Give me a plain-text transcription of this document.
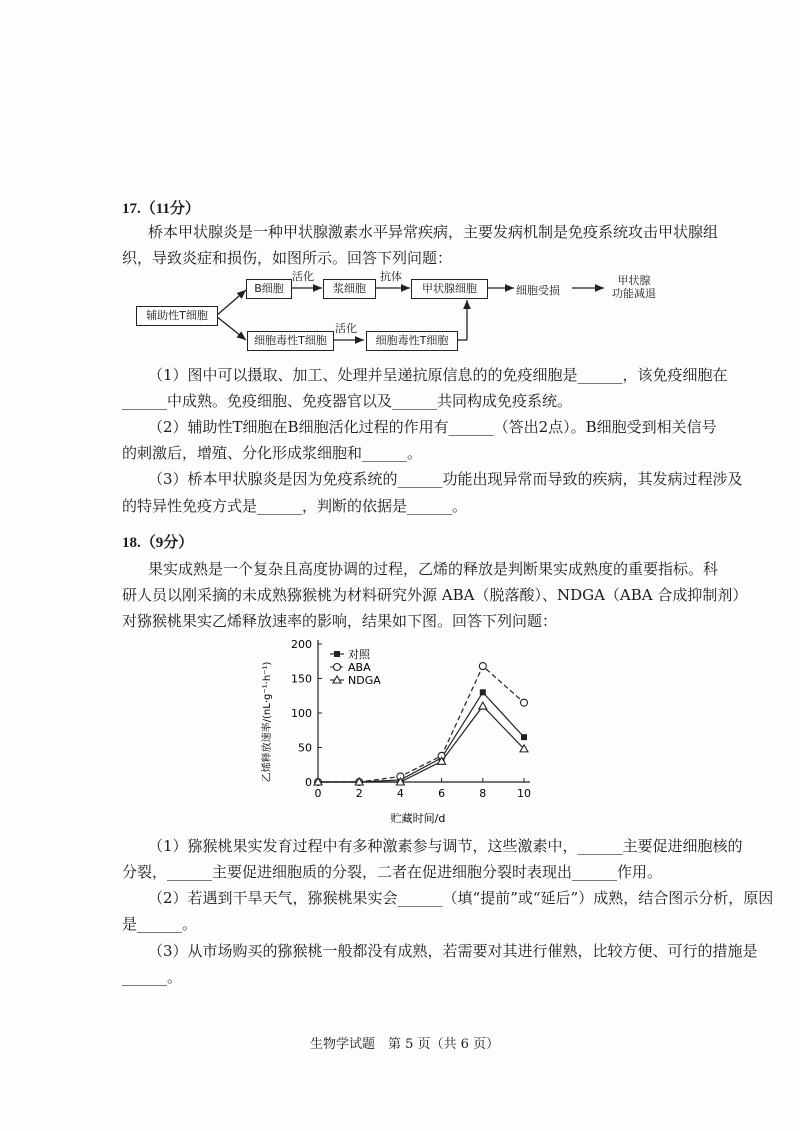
17.（11分）
桥本甲状腺炎是一种甲状腺激素水平异常疾病，主要发病机制是免疫系统攻击甲状腺组
织，导致炎症和损伤，如图所示。回答下列问题：
辅助性T细胞
B细胞	浆细胞	甲状腺细胞	细胞受损
甲状腺
功能减退
细胞毒性T细胞	细胞毒性T细胞
活化
活化
抗体
（1）图中可以摄取、加工、处理并呈递抗原信息的的免疫细胞是______，该免疫细胞在
______中成熟。免疫细胞、免疫器官以及______共同构成免疫系统。
（2）辅助性T细胞在B细胞活化过程的作用有______（答出2点）。B细胞受到相关信号
的刺激后，增殖、分化形成浆细胞和______。
（3）桥本甲状腺炎是因为免疫系统的______功能出现异常而导致的疾病，其发病过程涉及
的特异性免疫方式是______，判断的依据是______。
18.（9分）
果实成熟是一个复杂且高度协调的过程，乙烯的释放是判断果实成熟度的重要指标。科
研人员以刚采摘的未成熟猕猴桃为材料研究外源 ABA（脱落酸）、NDGA（ABA 合成抑制剂）
对猕猴桃果实乙烯释放速率的影响，结果如下图。回答下列问题：
0
50
100
150
200
0	2	4	6	8	10
对照
ABA
NDGA
贮藏时间/d
乙烯释放速率/(nL·g⁻¹·h⁻¹)
（1）猕猴桃果实发育过程中有多种激素参与调节，这些激素中，______主要促进细胞核的
分裂，______主要促进细胞质的分裂，二者在促进细胞分裂时表现出______作用。
（2）若遇到干旱天气，猕猴桃果实会______（填“提前”或“延后”）成熟，结合图示分析，原因
是______。
（3）从市场购买的猕猴桃一般都没有成熟，若需要对其进行催熟，比较方便、可行的措施是
______。
生物学试题　第 5 页（共 6 页）
